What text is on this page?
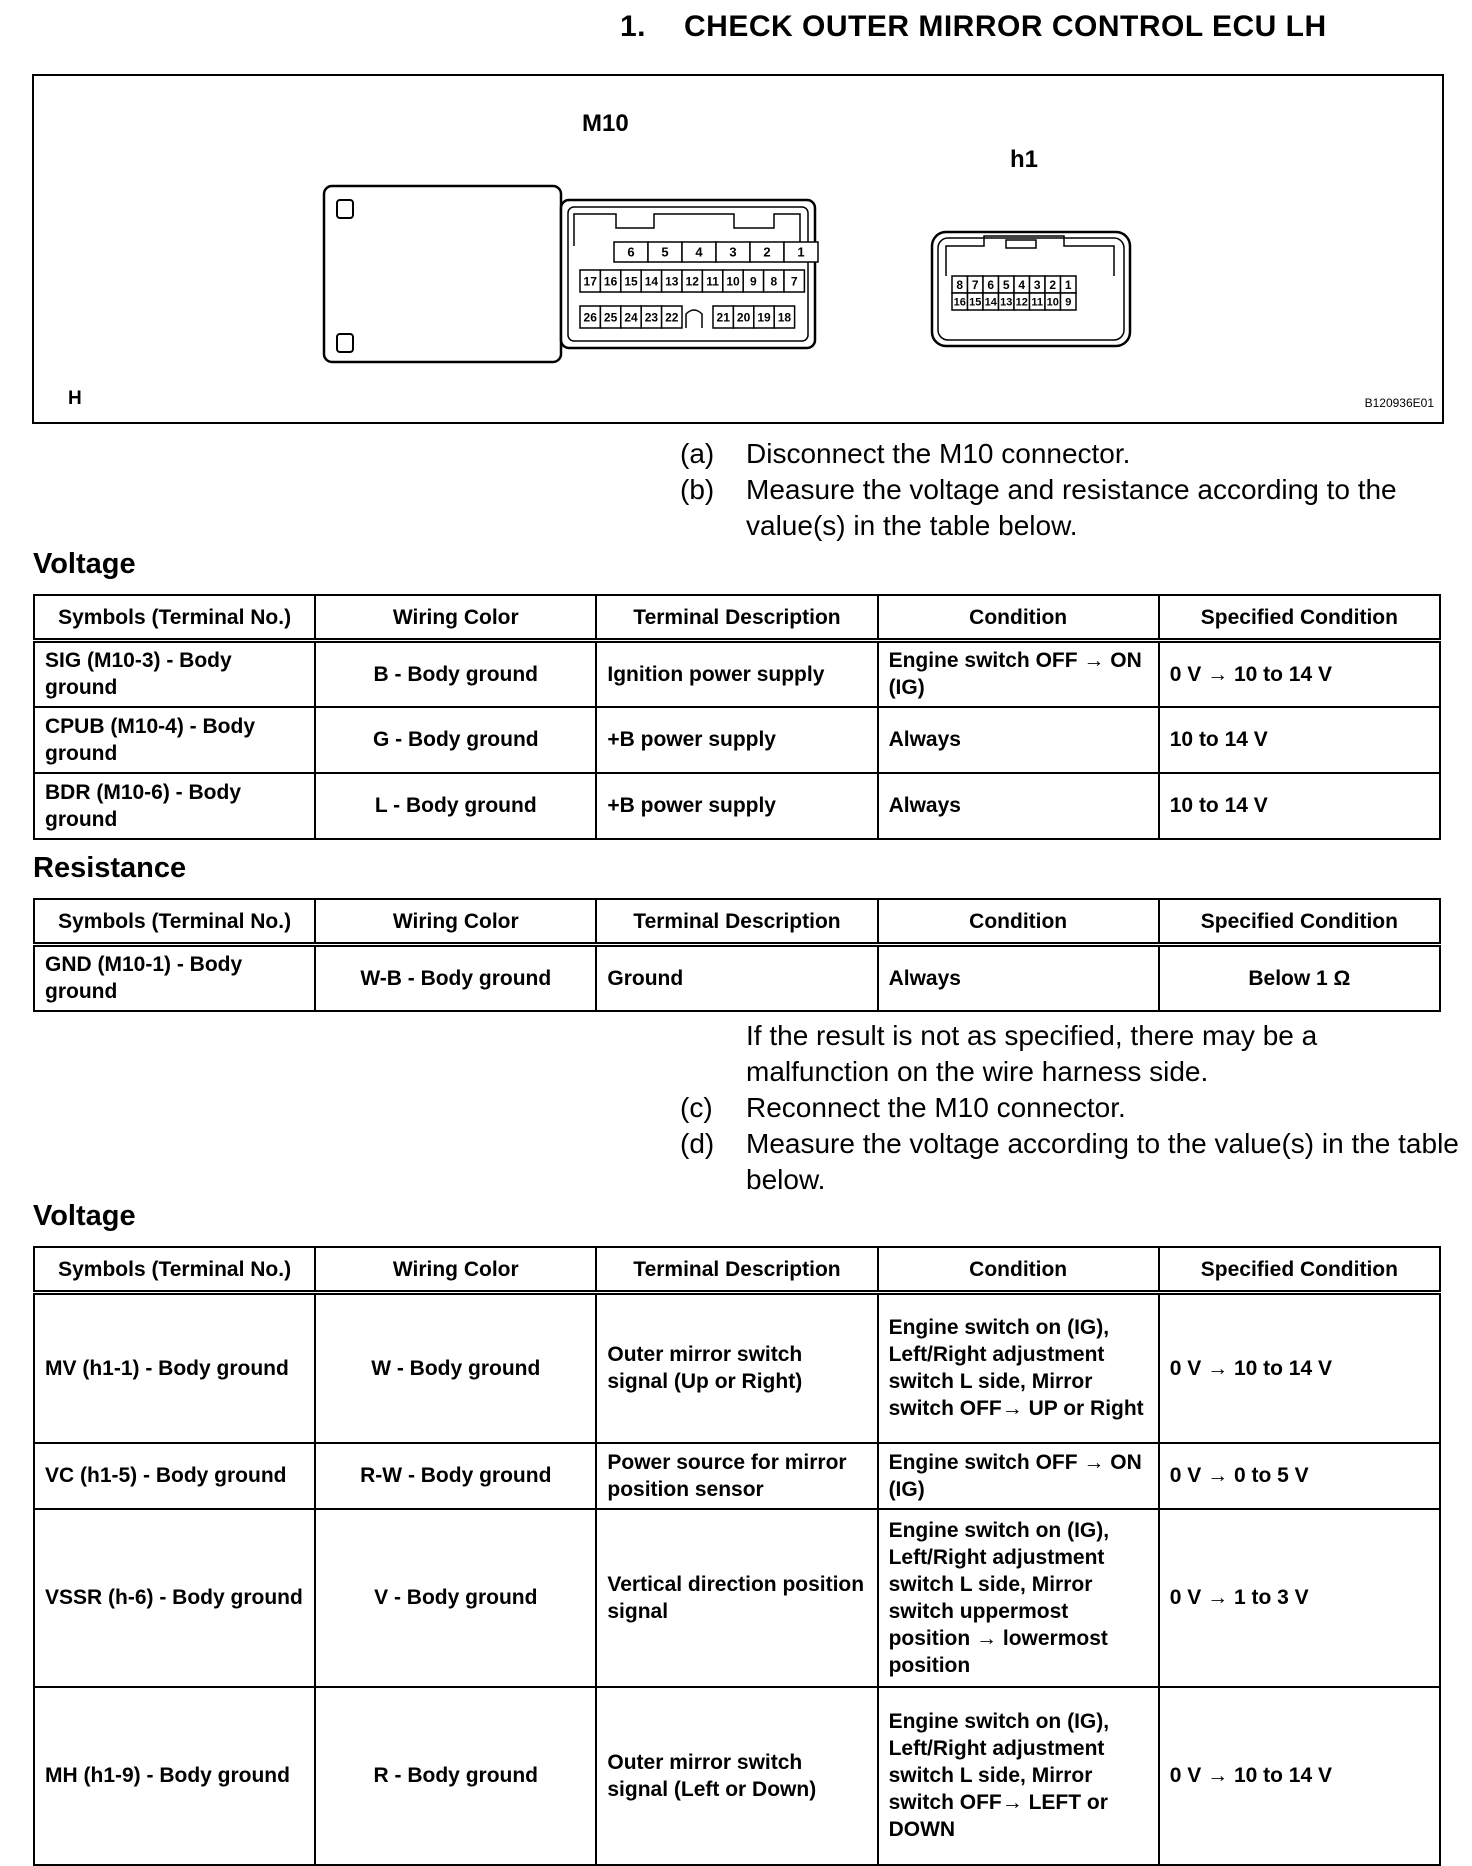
1. CHECK OUTER MIRROR CONTROL ECU LH
6 5 4 3 2 1
17 16 15 14 13 12 11 10 9 8 7
26 25 24 23 22	21 20 19 18
8 7 6 5 4 3 2 1
16 15 14 13 12 11 10 9
M10
h1
H	B120936E01
(a)	Disconnect the M10 connector.
(b)	Measure the voltage and resistance according to the value(s) in the table below.
Voltage
Symbols (Terminal No.)	Wiring Color	Terminal Description	Condition	Specified Condition
SIG (M10-3) - Body ground	B - Body ground	Ignition power supply	Engine switch OFF → ON (IG)	0 V → 10 to 14 V
CPUB (M10-4) - Body ground	G - Body ground	+B power supply	Always	10 to 14 V
BDR (M10-6) - Body ground	L - Body ground	+B power supply	Always	10 to 14 V
Resistance
Symbols (Terminal No.)	Wiring Color	Terminal Description	Condition	Specified Condition
GND (M10-1) - Body ground	W-B - Body ground	Ground	Always	Below 1 Ω
If the result is not as specified, there may be a malfunction on the wire harness side.
(c)	Reconnect the M10 connector.
(d)	Measure the voltage according to the value(s) in the table below.
Voltage
Symbols (Terminal No.)	Wiring Color	Terminal Description	Condition	Specified Condition
MV (h1-1) - Body ground	W - Body ground	Outer mirror switch signal (Up or Right)	Engine switch on (IG), Left/Right adjustment switch L side, Mirror switch OFF→ UP or Right	0 V → 10 to 14 V
VC (h1-5) - Body ground	R-W - Body ground	Power source for mirror position sensor	Engine switch OFF → ON (IG)	0 V → 0 to 5 V
VSSR (h-6) - Body ground	V - Body ground	Vertical direction position signal	Engine switch on (IG), Left/Right adjustment switch L side, Mirror switch uppermost position → lowermost position	0 V → 1 to 3 V
MH (h1-9) - Body ground	R - Body ground	Outer mirror switch signal (Left or Down)	Engine switch on (IG), Left/Right adjustment switch L side, Mirror switch OFF→ LEFT or DOWN	0 V → 10 to 14 V
